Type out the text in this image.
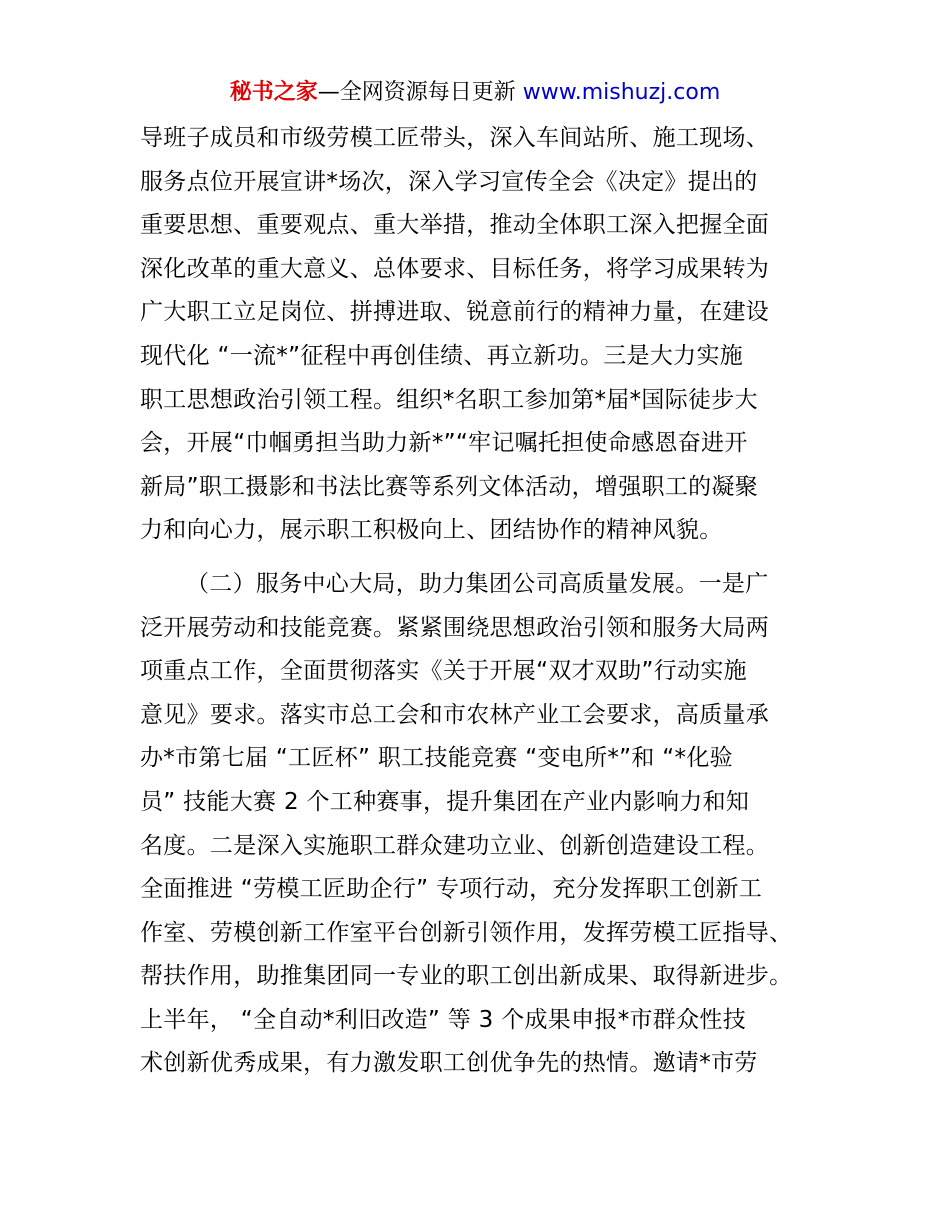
秘书之家—全网资源每日更新 www.mishuzj.com
导班子成员和市级劳模工匠带头，深入车间站所、施工现场、
服务点位开展宣讲*场次，深入学习宣传全会《决定》提出的
重要思想、重要观点、重大举措，推动全体职工深入把握全面
深化改革的重大意义、总体要求、目标任务，将学习成果转为
广大职工立足岗位、拼搏进取、锐意前行的精神力量，在建设
现代化 “一流*”征程中再创佳绩、再立新功。三是大力实施
职工思想政治引领工程。组织*名职工参加第*届*国际徒步大
会，开展“巾帼勇担当助力新*”“牢记嘱托担使命感恩奋进开
新局”职工摄影和书法比赛等系列文体活动，增强职工的凝聚
力和向心力，展示职工积极向上、团结协作的精神风貌。
（二）服务中心大局，助力集团公司高质量发展。一是广
泛开展劳动和技能竞赛。紧紧围绕思想政治引领和服务大局两
项重点工作，全面贯彻落实《关于开展“双才双助”行动实施
意见》要求。落实市总工会和市农林产业工会要求，高质量承
办*市第七届 “工匠杯” 职工技能竞赛 “变电所*”和 “*化验
员” 技能大赛 2 个工种赛事，提升集团在产业内影响力和知
名度。二是深入实施职工群众建功立业、创新创造建设工程。
全面推进 “劳模工匠助企行” 专项行动，充分发挥职工创新工
作室、劳模创新工作室平台创新引领作用，发挥劳模工匠指导、
帮扶作用，助推集团同一专业的职工创出新成果、取得新进步。
上半年， “全自动*利旧改造” 等 3 个成果申报*市群众性技
术创新优秀成果，有力激发职工创优争先的热情。邀请*市劳
